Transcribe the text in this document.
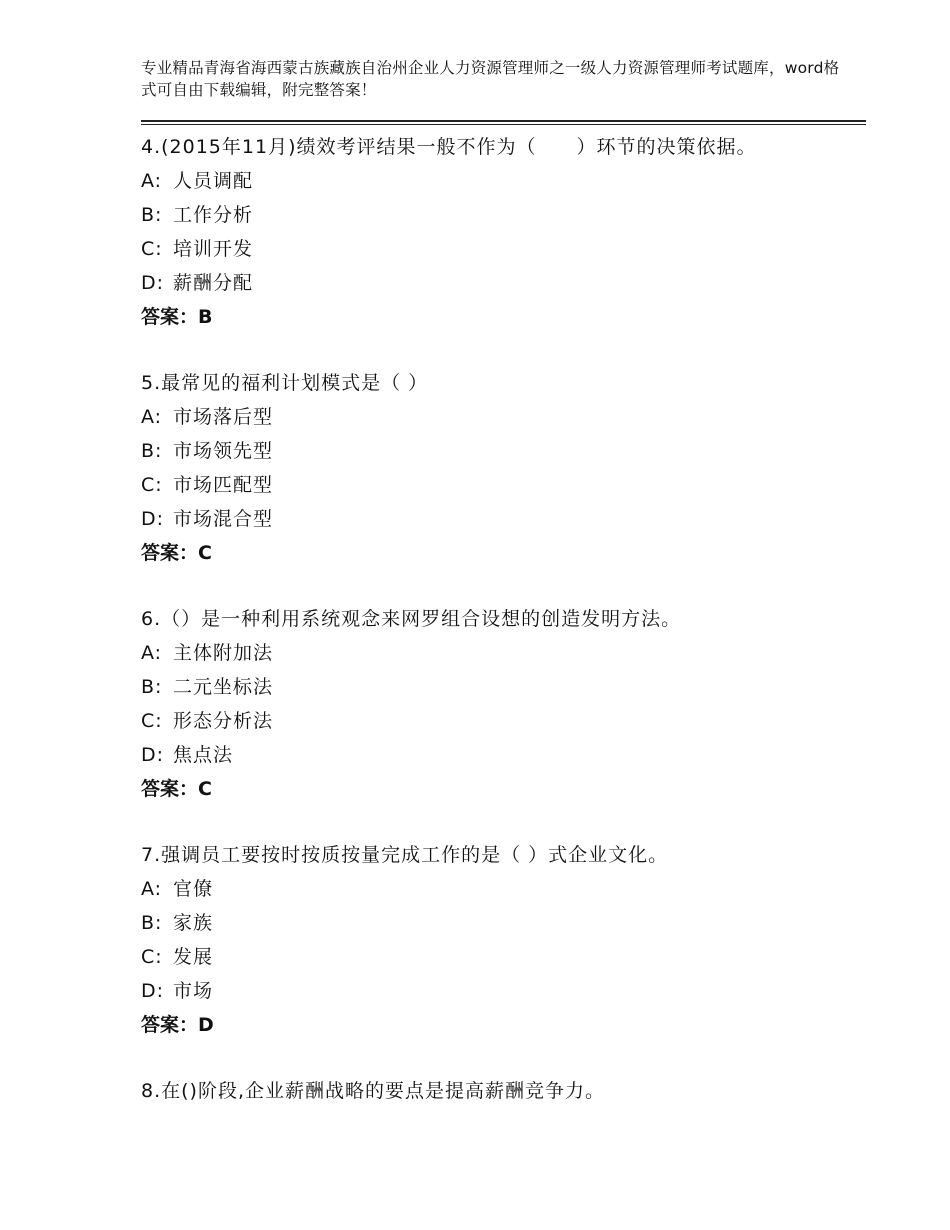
专业精品青海省海西蒙古族藏族自治州企业人力资源管理师之一级人力资源管理师考试题库，word格式可自由下载编辑，附完整答案！
4.(2015年11月)绩效考评结果一般不作为（　　）环节的决策依据。
A: 人员调配
B: 工作分析
C: 培训开发
D: 薪酬分配
答案：B
5.最常见的福利计划模式是（ ）
A: 市场落后型
B: 市场领先型
C: 市场匹配型
D: 市场混合型
答案：C
6.（）是一种利用系统观念来网罗组合设想的创造发明方法。
A: 主体附加法
B: 二元坐标法
C: 形态分析法
D: 焦点法
答案：C
7.强调员工要按时按质按量完成工作的是（ ）式企业文化。
A: 官僚
B: 家族
C: 发展
D: 市场
答案：D
8.在()阶段,企业薪酬战略的要点是提高薪酬竞争力。
